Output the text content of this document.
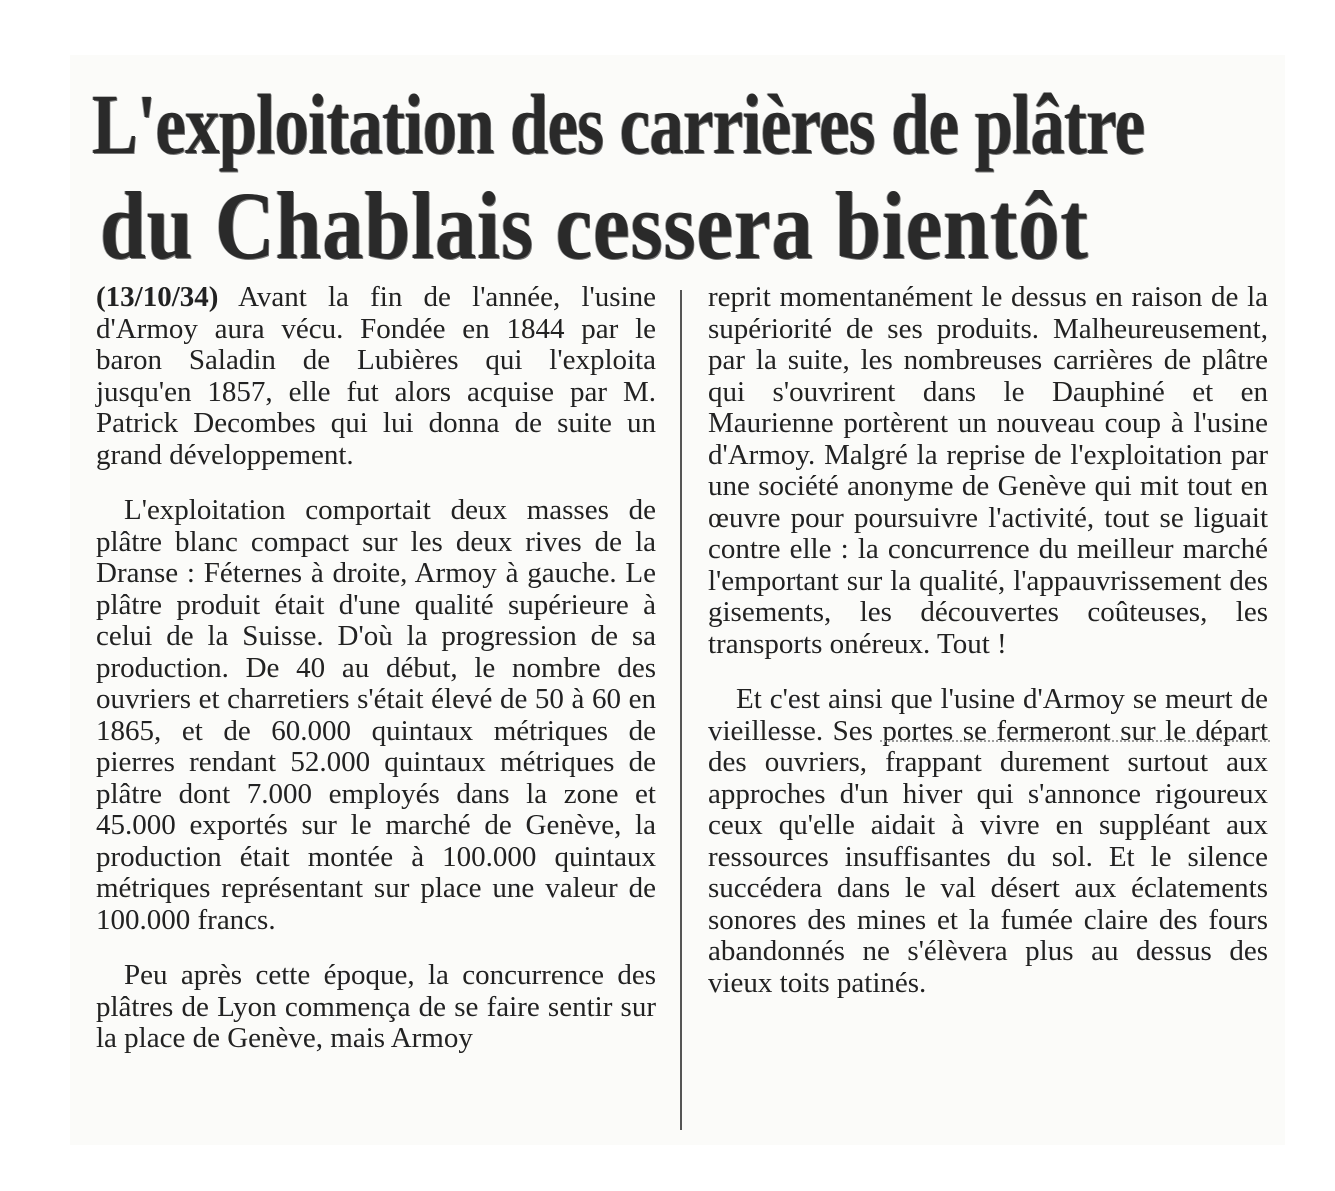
L'exploitation des carrières de plâtre
du Chablais cessera bientôt

(13/10/34) Avant la fin de l'année, l'usine d'Armoy aura vécu. Fondée en 1844 par le baron Saladin de Lubières qui l'exploita jusqu'en 1857, elle fut alors acquise par M. Patrick Decombes qui lui donna de suite un grand développement.

L'exploitation comportait deux masses de plâtre blanc compact sur les deux rives de la Dranse : Féternes à droite, Armoy à gauche. Le plâtre produit était d'une qualité supérieure à celui de la Suisse. D'où la progression de sa production. De 40 au début, le nombre des ouvriers et charretiers s'était élevé de 50 à 60 en 1865, et de 60.000 quintaux métriques de pierres rendant 52.000 quintaux métriques de plâtre dont 7.000 employés dans la zone et 45.000 exportés sur le marché de Genève, la production était montée à 100.000 quintaux métriques représentant sur place une valeur de 100.000 francs.

Peu après cette époque, la concurrence des plâtres de Lyon commença de se faire sentir sur la place de Genève, mais Armoy

reprit momentanément le dessus en raison de la supériorité de ses produits. Malheureusement, par la suite, les nombreuses carrières de plâtre qui s'ouvrirent dans le Dauphiné et en Maurienne portèrent un nouveau coup à l'usine d'Armoy. Malgré la reprise de l'exploitation par une société anonyme de Genève qui mit tout en œuvre pour poursuivre l'activité, tout se liguait contre elle : la concurrence du meilleur marché l'emportant sur la qualité, l'appauvrissement des gisements, les découvertes coûteuses, les transports onéreux. Tout !

Et c'est ainsi que l'usine d'Armoy se meurt de vieillesse. Ses portes se fermeront sur le départ des ouvriers, frappant durement surtout aux approches d'un hiver qui s'annonce rigoureux ceux qu'elle aidait à vivre en suppléant aux ressources insuffisantes du sol. Et le silence succédera dans le val désert aux éclatements sonores des mines et la fumée claire des fours abandonnés ne s'élèvera plus au dessus des vieux toits patinés.
